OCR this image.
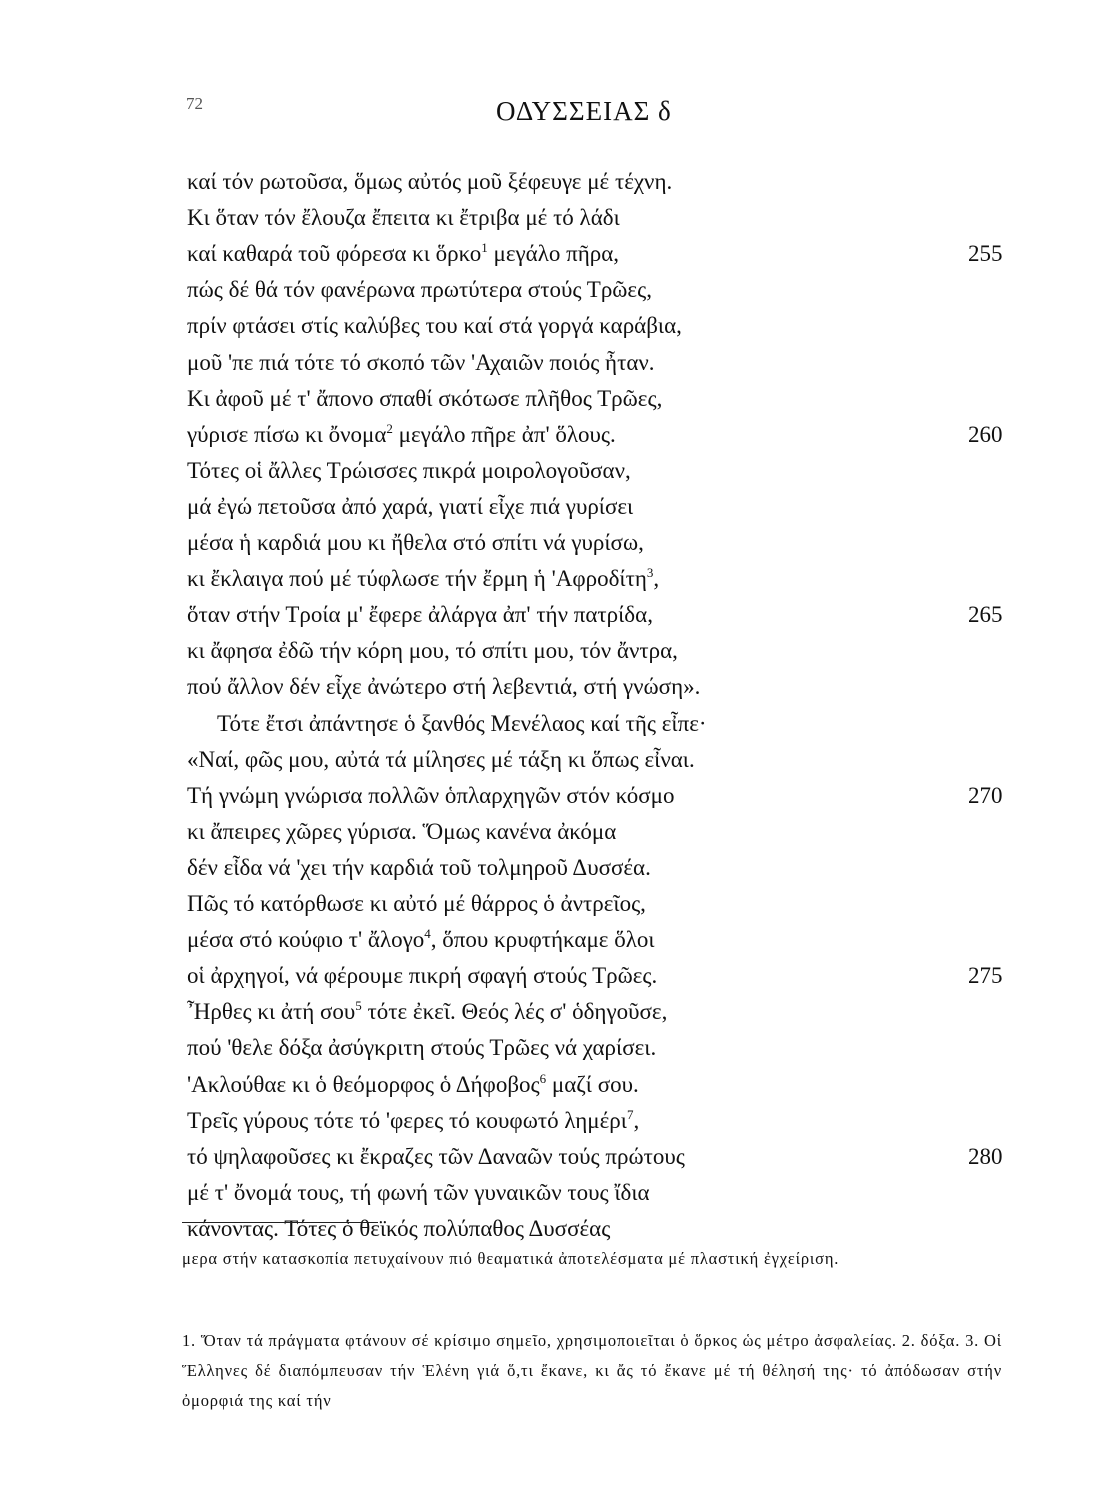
72	ΟΔΥΣΣΕΙΑΣ δ
καί τόν ρωτοῦσα, ὅμως αὐτός μοῦ ξέφευγε μέ τέχνη.
Κι ὅταν τόν ἔλουζα ἔπειτα κι ἔτριβα μέ τό λάδι
καί καθαρά τοῦ φόρεσα κι ὅρκο$^1$ μεγάλο πῆρα,	255
πώς δέ θά τόν φανέρωνα πρωτύτερα στούς Τρῶες,
πρίν φτάσει στίς καλύβες του καί στά γοργά καράβια,
μοῦ 'πε πιά τότε τό σκοπό τῶν 'Αχαιῶν ποιός ἦταν.
Κι ἀφοῦ μέ τ' ἄπονο σπαθί σκότωσε πλῆθος Τρῶες,
γύρισε πίσω κι ὄνομα$^2$ μεγάλο πῆρε ἀπ' ὅλους.	260
Τότες οἱ ἄλλες Τρώισσες πικρά μοιρολογοῦσαν,
μά ἐγώ πετοῦσα ἀπό χαρά, γιατί εἶχε πιά γυρίσει
μέσα ἡ καρδιά μου κι ἤθελα στό σπίτι νά γυρίσω,
κι ἔκλαιγα πού μέ τύφλωσε τήν ἔρμη ἡ 'Αφροδίτη$^3$,
ὅταν στήν Τροία μ' ἔφερε ἀλάργα ἀπ' τήν πατρίδα,	265
κι ἄφησα ἐδῶ τήν κόρη μου, τό σπίτι μου, τόν ἄντρα,
πού ἄλλον δέν εἶχε ἀνώτερο στή λεβεντιά, στή γνώση».
Τότε ἔτσι ἀπάντησε ὁ ξανθός Μενέλαος καί τῆς εἶπε·
«Ναί, φῶς μου, αὐτά τά μίλησες μέ τάξη κι ὅπως εἶναι.
Τή γνώμη γνώρισα πολλῶν ὁπλαρχηγῶν στόν κόσμο	270
κι ἄπειρες χῶρες γύρισα. Ὅμως κανένα ἀκόμα
δέν εἶδα νά 'χει τήν καρδιά τοῦ τολμηροῦ Δυσσέα.
Πῶς τό κατόρθωσε κι αὐτό μέ θάρρος ὁ ἀντρεῖος,
μέσα στό κούφιο τ' ἄλογο$^4$, ὅπου κρυφτήκαμε ὅλοι
οἱ ἀρχηγοί, νά φέρουμε πικρή σφαγή στούς Τρῶες.	275
Ἦρθες κι ἀτή σου$^5$ τότε ἐκεῖ. Θεός λές σ' ὁδηγοῦσε,
πού 'θελε δόξα ἀσύγκριτη στούς Τρῶες νά χαρίσει.
'Ακλούθαε κι ὁ θεόμορφος ὁ Δήφοβος$^6$ μαζί σου.
Τρεῖς γύρους τότε τό 'φερες τό κουφωτό λημέρι$^7$,
τό ψηλαφοῦσες κι ἔκραζες τῶν Δαναῶν τούς πρώτους	280
μέ τ' ὄνομά τους, τή φωνή τῶν γυναικῶν τους ἴδια
κάνοντας. Τότες ὁ θεϊκός πολύπαθος Δυσσέας
μερα στήν κατασκοπία πετυχαίνουν πιό θεαματικά ἀποτελέσματα μέ πλαστική ἐγχείριση.
1. Ὅταν τά πράγματα φτάνουν σέ κρίσιμο σημεῖο, χρησιμοποιεῖται ὁ ὅρκος ὡς μέτρο ἀσφαλείας. 2. δόξα. 3. Οἱ Ἕλληνες δέ διαπόμπευσαν τήν Ἑλένη γιά ὅ,τι ἔκανε, κι ἄς τό ἔκανε μέ τή θέλησή της· τό ἀπόδωσαν στήν ὀμορφιά της καί τήν
